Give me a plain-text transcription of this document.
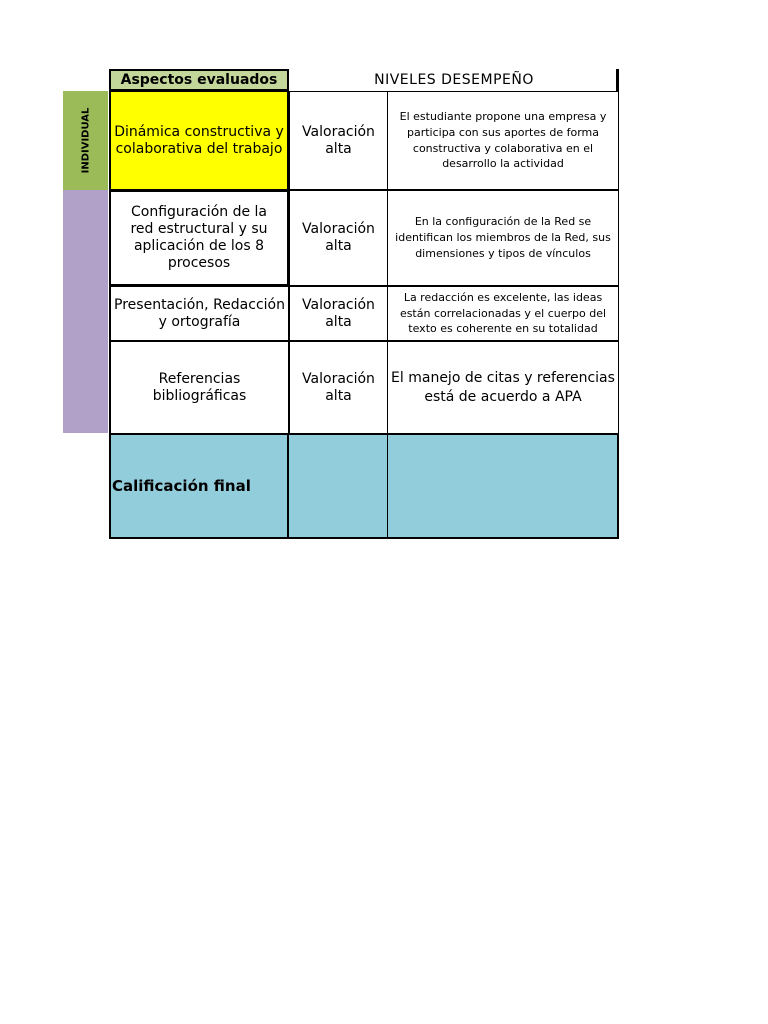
Aspectos evaluados	NIVELES DESEMPEÑO
INDIVIDUAL Dinámica constructiva y colaborativa del trabajo
Valoración alta
El estudiante propone una empresa y participa con sus aportes de forma constructiva y colaborativa en el desarrollo la actividad
Configuración de la red estructural y su aplicación de los 8 procesos
Valoración alta
En la configuración de la Red se identifican los miembros de la Red, sus dimensiones y tipos de vínculos
Presentación, Redacción y ortografía
Valoración alta
La redacción es excelente, las ideas están correlacionadas y el cuerpo del texto es coherente en su totalidad
Referencias bibliográficas
Valoración alta
El manejo de citas y referencias está de acuerdo a APA
Calificación final
